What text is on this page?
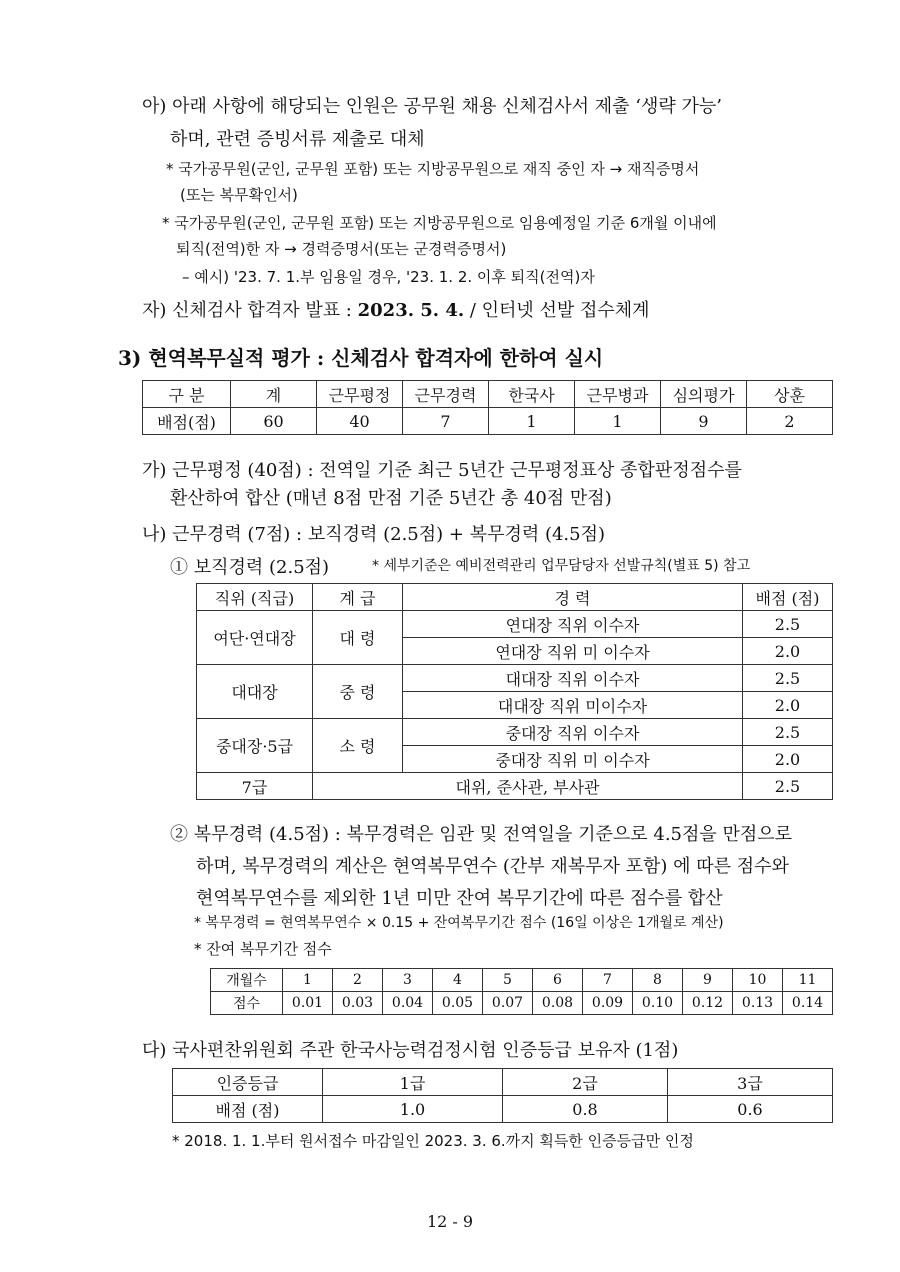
아) 아래 사항에 해당되는 인원은 공무원 채용 신체검사서 제출 ‘생략 가능’
하며, 관련 증빙서류 제출로 대체
* 국가공무원(군인, 군무원 포함) 또는 지방공무원으로 재직 중인 자 → 재직증명서
(또는 복무확인서)
* 국가공무원(군인, 군무원 포함) 또는 지방공무원으로 임용예정일 기준 6개월 이내에
퇴직(전역)한 자 → 경력증명서(또는 군경력증명서)
– 예시) '23. 7. 1.부 임용일 경우, '23. 1. 2. 이후 퇴직(전역)자
자) 신체검사 합격자 발표 : 2023. 5. 4. / 인터넷 선발 접수체계
3) 현역복무실적 평가 : 신체검사 합격자에 한하여 실시
구 분	계	근무평정	근무경력	한국사	근무병과	심의평가	상훈
배점(점)	60	40	7	1	1	9	2
가) 근무평정 (40점) : 전역일 기준 최근 5년간 근무평정표상 종합판정점수를
환산하여 합산 (매년 8점 만점 기준 5년간 총 40점 만점)
나) 근무경력 (7점) : 보직경력 (2.5점) + 복무경력 (4.5점)
① 보직경력 (2.5점)	* 세부기준은 예비전력관리 업무담당자 선발규칙(별표 5) 참고
직위 (직급)	계 급	경 력	배점 (점)
여단·연대장	대 령	연대장 직위 이수자	2.5
		연대장 직위 미 이수자	2.0
대대장	중 령	대대장 직위 이수자	2.5
		대대장 직위 미이수자	2.0
중대장·5급	소 령	중대장 직위 이수자	2.5
		중대장 직위 미 이수자	2.0
7급	대위, 준사관, 부사관		2.5
② 복무경력 (4.5점) : 복무경력은 임관 및 전역일을 기준으로 4.5점을 만점으로
하며, 복무경력의 계산은 현역복무연수 (간부 재복무자 포함) 에 따른 점수와
현역복무연수를 제외한 1년 미만 잔여 복무기간에 따른 점수를 합산
* 복무경력 = 현역복무연수 × 0.15 + 잔여복무기간 점수 (16일 이상은 1개월로 계산)
* 잔여 복무기간 점수
개월수	1	2	3	4	5	6	7	8	9	10	11
점수	0.01	0.03	0.04	0.05	0.07	0.08	0.09	0.10	0.12	0.13	0.14
다) 국사편찬위원회 주관 한국사능력검정시험 인증등급 보유자 (1점)
인증등급	1급	2급	3급
배점 (점)	1.0	0.8	0.6
* 2018. 1. 1.부터 원서접수 마감일인 2023. 3. 6.까지 획득한 인증등급만 인정
12 - 9
